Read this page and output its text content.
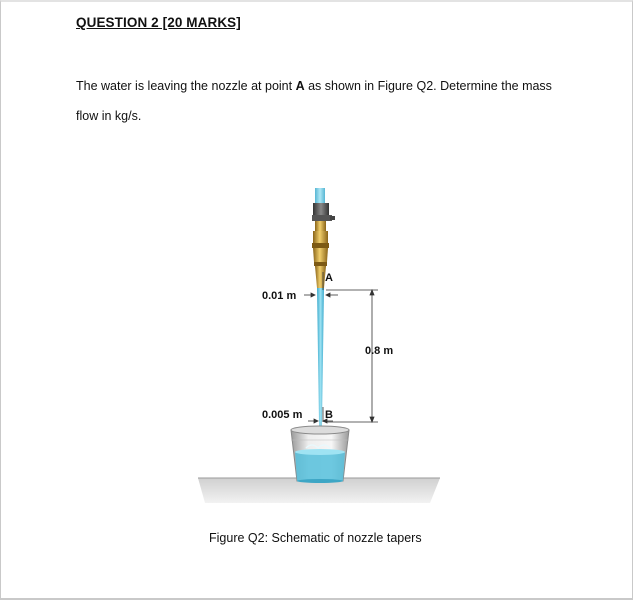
QUESTION 2 [20 MARKS]
The water is leaving the nozzle at point A as shown in Figure Q2. Determine the mass
flow in kg/s.
A
0.01 m
0.8 m
0.005 m B
Figure Q2: Schematic of nozzle tapers
